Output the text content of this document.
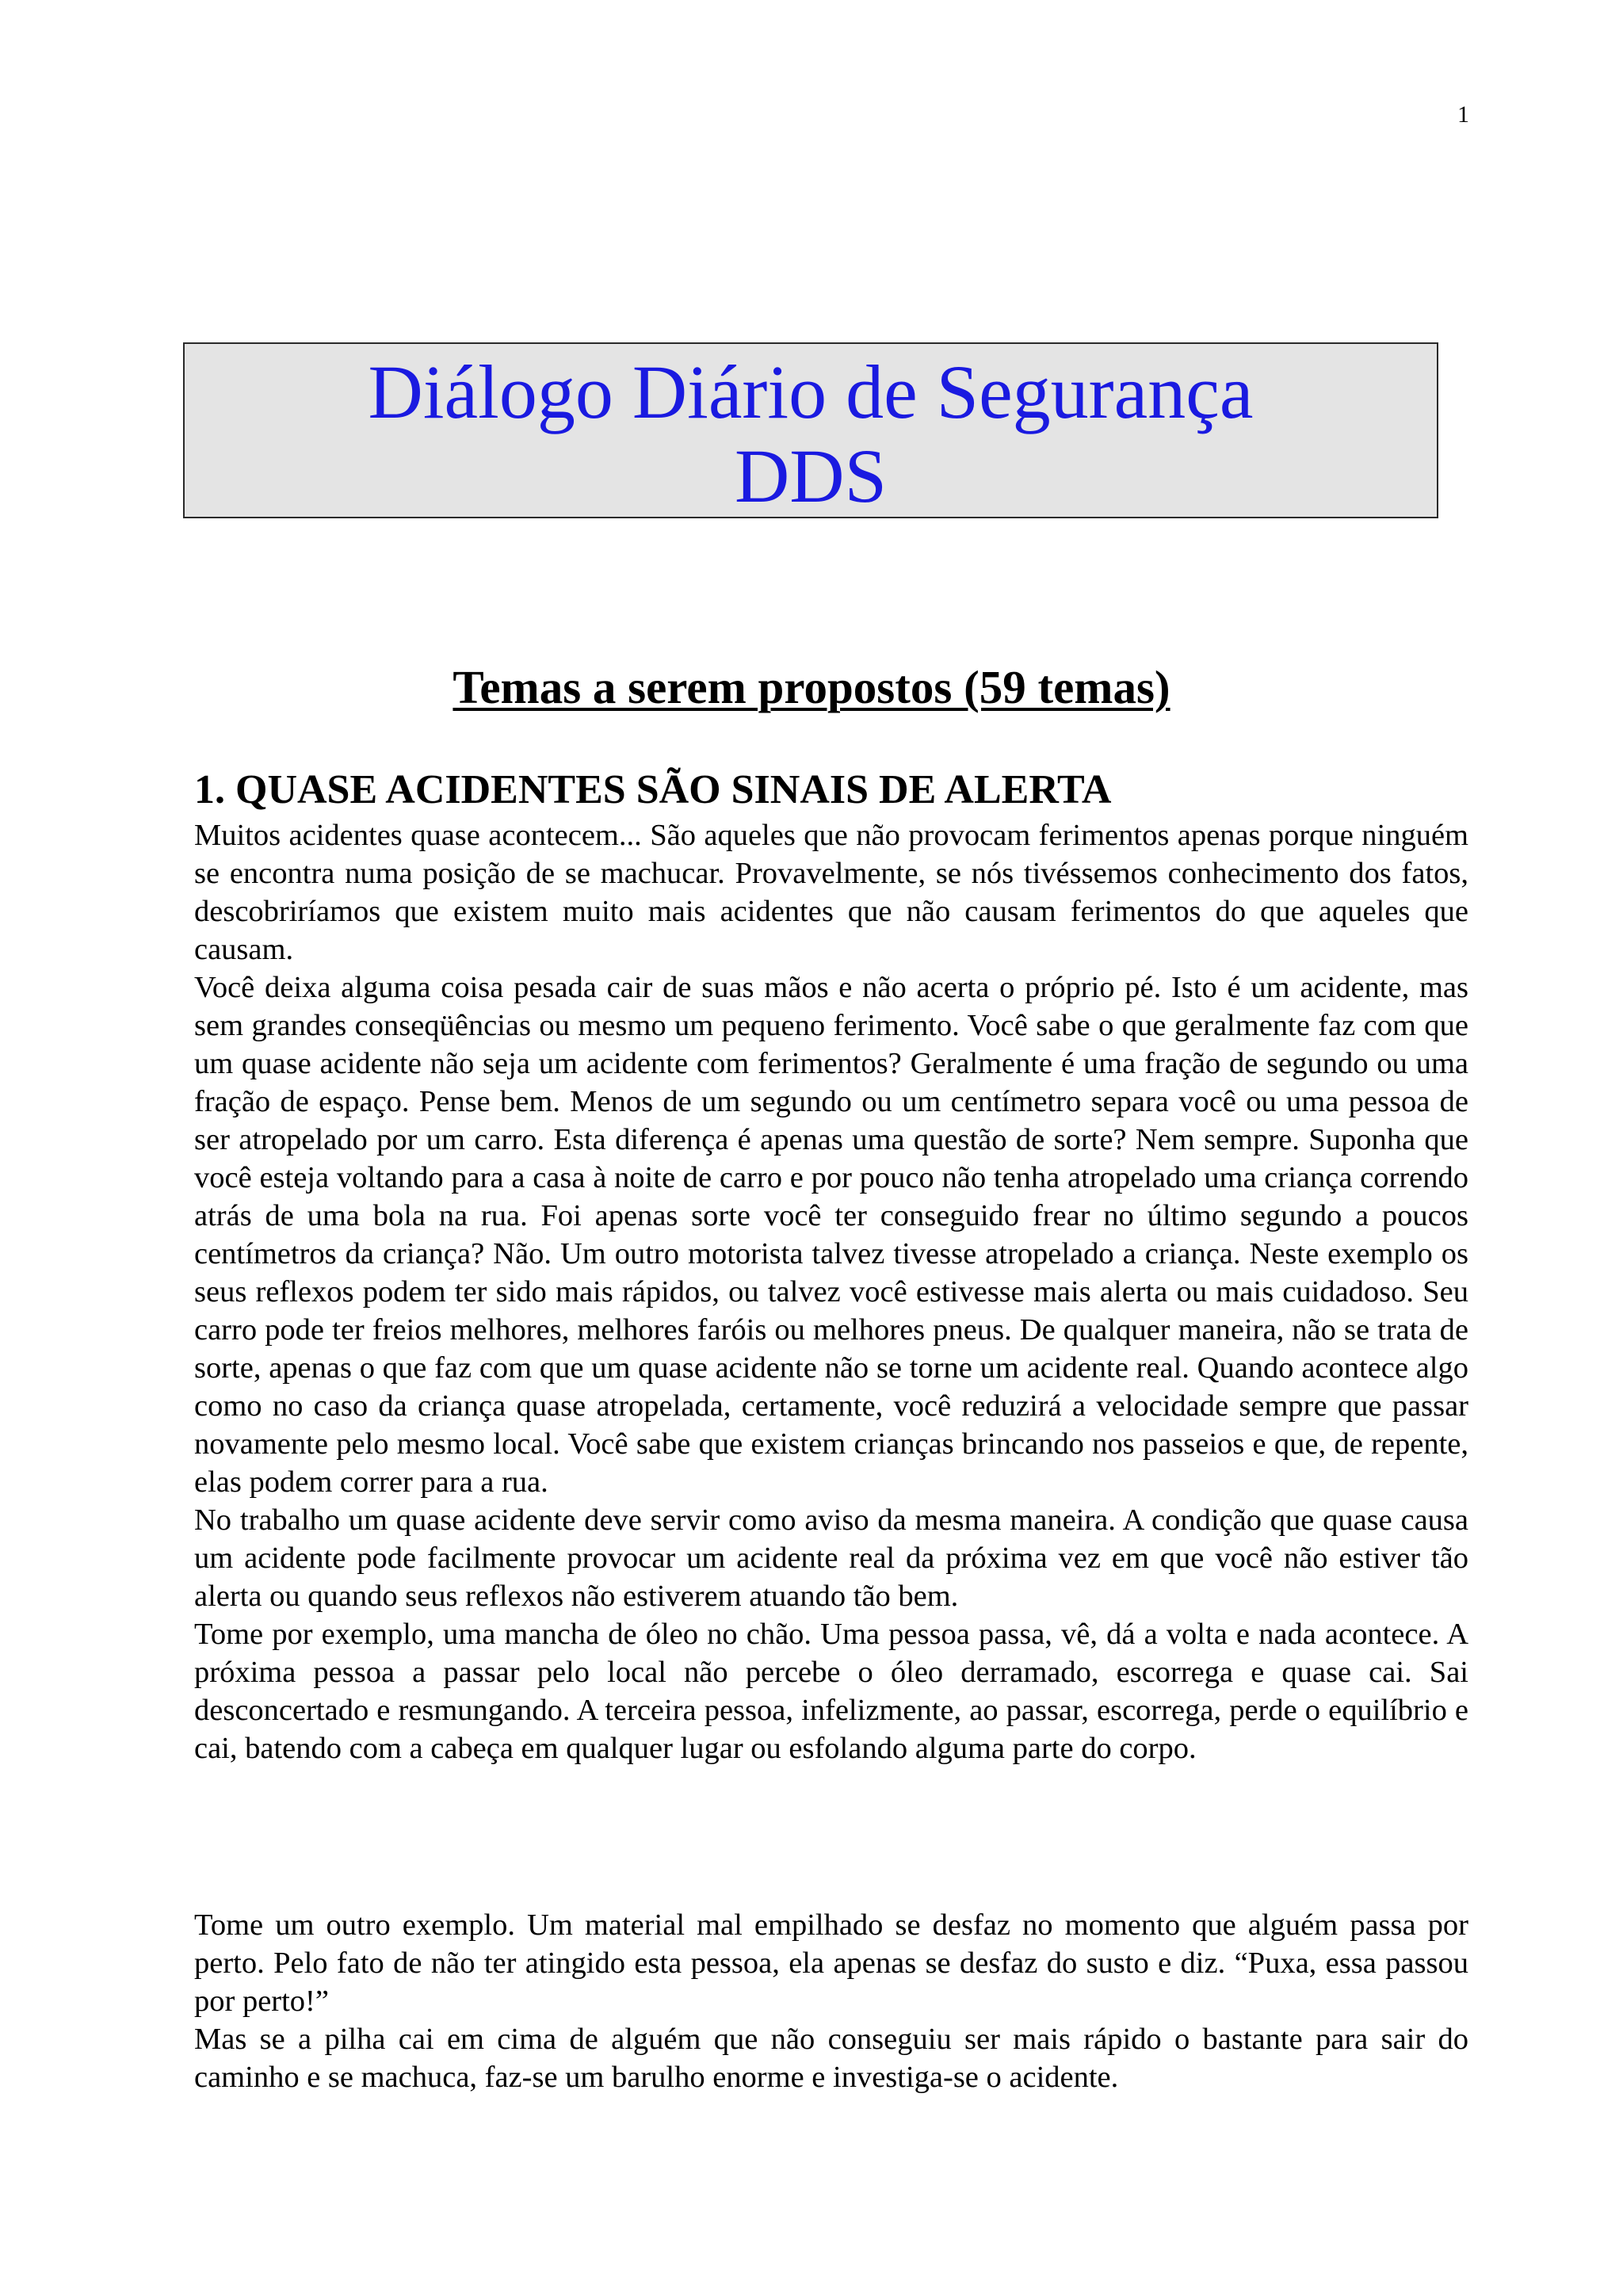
1
Diálogo Diário de Segurança
DDS
Temas a serem propostos (59 temas)
1. QUASE ACIDENTES SÃO SINAIS DE ALERTA

Muitos acidentes quase acontecem... São aqueles que não provocam ferimentos apenas porque ninguém se encontra numa posição de se machucar. Provavelmente, se nós tivéssemos conhecimento dos fatos, descobriríamos que existem muito mais acidentes que não causam ferimentos do que aqueles que causam.

Você deixa alguma coisa pesada cair de suas mãos e não acerta o próprio pé. Isto é um acidente, mas sem grandes conseqüências ou mesmo um pequeno ferimento. Você sabe o que geralmente faz com que um quase acidente não seja um acidente com ferimentos? Geralmente é uma fração de segundo ou uma fração de espaço. Pense bem. Menos de um segundo ou um centímetro separa você ou uma pessoa de ser atropelado por um carro. Esta diferença é apenas uma questão de sorte? Nem sempre. Suponha que você esteja voltando para a casa à noite de carro e por pouco não tenha atropelado uma criança correndo atrás de uma bola na rua. Foi apenas sorte você ter conseguido frear no último segundo a poucos centímetros da criança? Não. Um outro motorista talvez tivesse atropelado a criança. Neste exemplo os seus reflexos podem ter sido mais rápidos, ou talvez você estivesse mais alerta ou mais cuidadoso. Seu carro pode ter freios melhores, melhores faróis ou melhores pneus. De qualquer maneira, não se trata de sorte, apenas o que faz com que um quase acidente não se torne um acidente real. Quando acontece algo como no caso da criança quase atropelada, certamente, você reduzirá a velocidade sempre que passar novamente pelo mesmo local. Você sabe que existem crianças brincando nos passeios e que, de repente, elas podem correr para a rua.

No trabalho um quase acidente deve servir como aviso da mesma maneira. A condição que quase causa um acidente pode facilmente provocar um acidente real da próxima vez em que você não estiver tão alerta ou quando seus reflexos não estiverem atuando tão bem.

Tome por exemplo, uma mancha de óleo no chão. Uma pessoa passa, vê, dá a volta e nada acontece. A próxima pessoa a passar pelo local não percebe o óleo derramado, escorrega e quase cai. Sai desconcertado e resmungando. A terceira pessoa, infelizmente, ao passar, escorrega, perde o equilíbrio e cai, batendo com a cabeça em qualquer lugar ou esfolando alguma parte do corpo.

Tome um outro exemplo. Um material mal empilhado se desfaz no momento que alguém passa por perto. Pelo fato de não ter atingido esta pessoa, ela apenas se desfaz do susto e diz. “Puxa, essa passou por perto!”

Mas se a pilha cai em cima de alguém que não conseguiu ser mais rápido o bastante para sair do caminho e se machuca, faz-se um barulho enorme e investiga-se o acidente.
